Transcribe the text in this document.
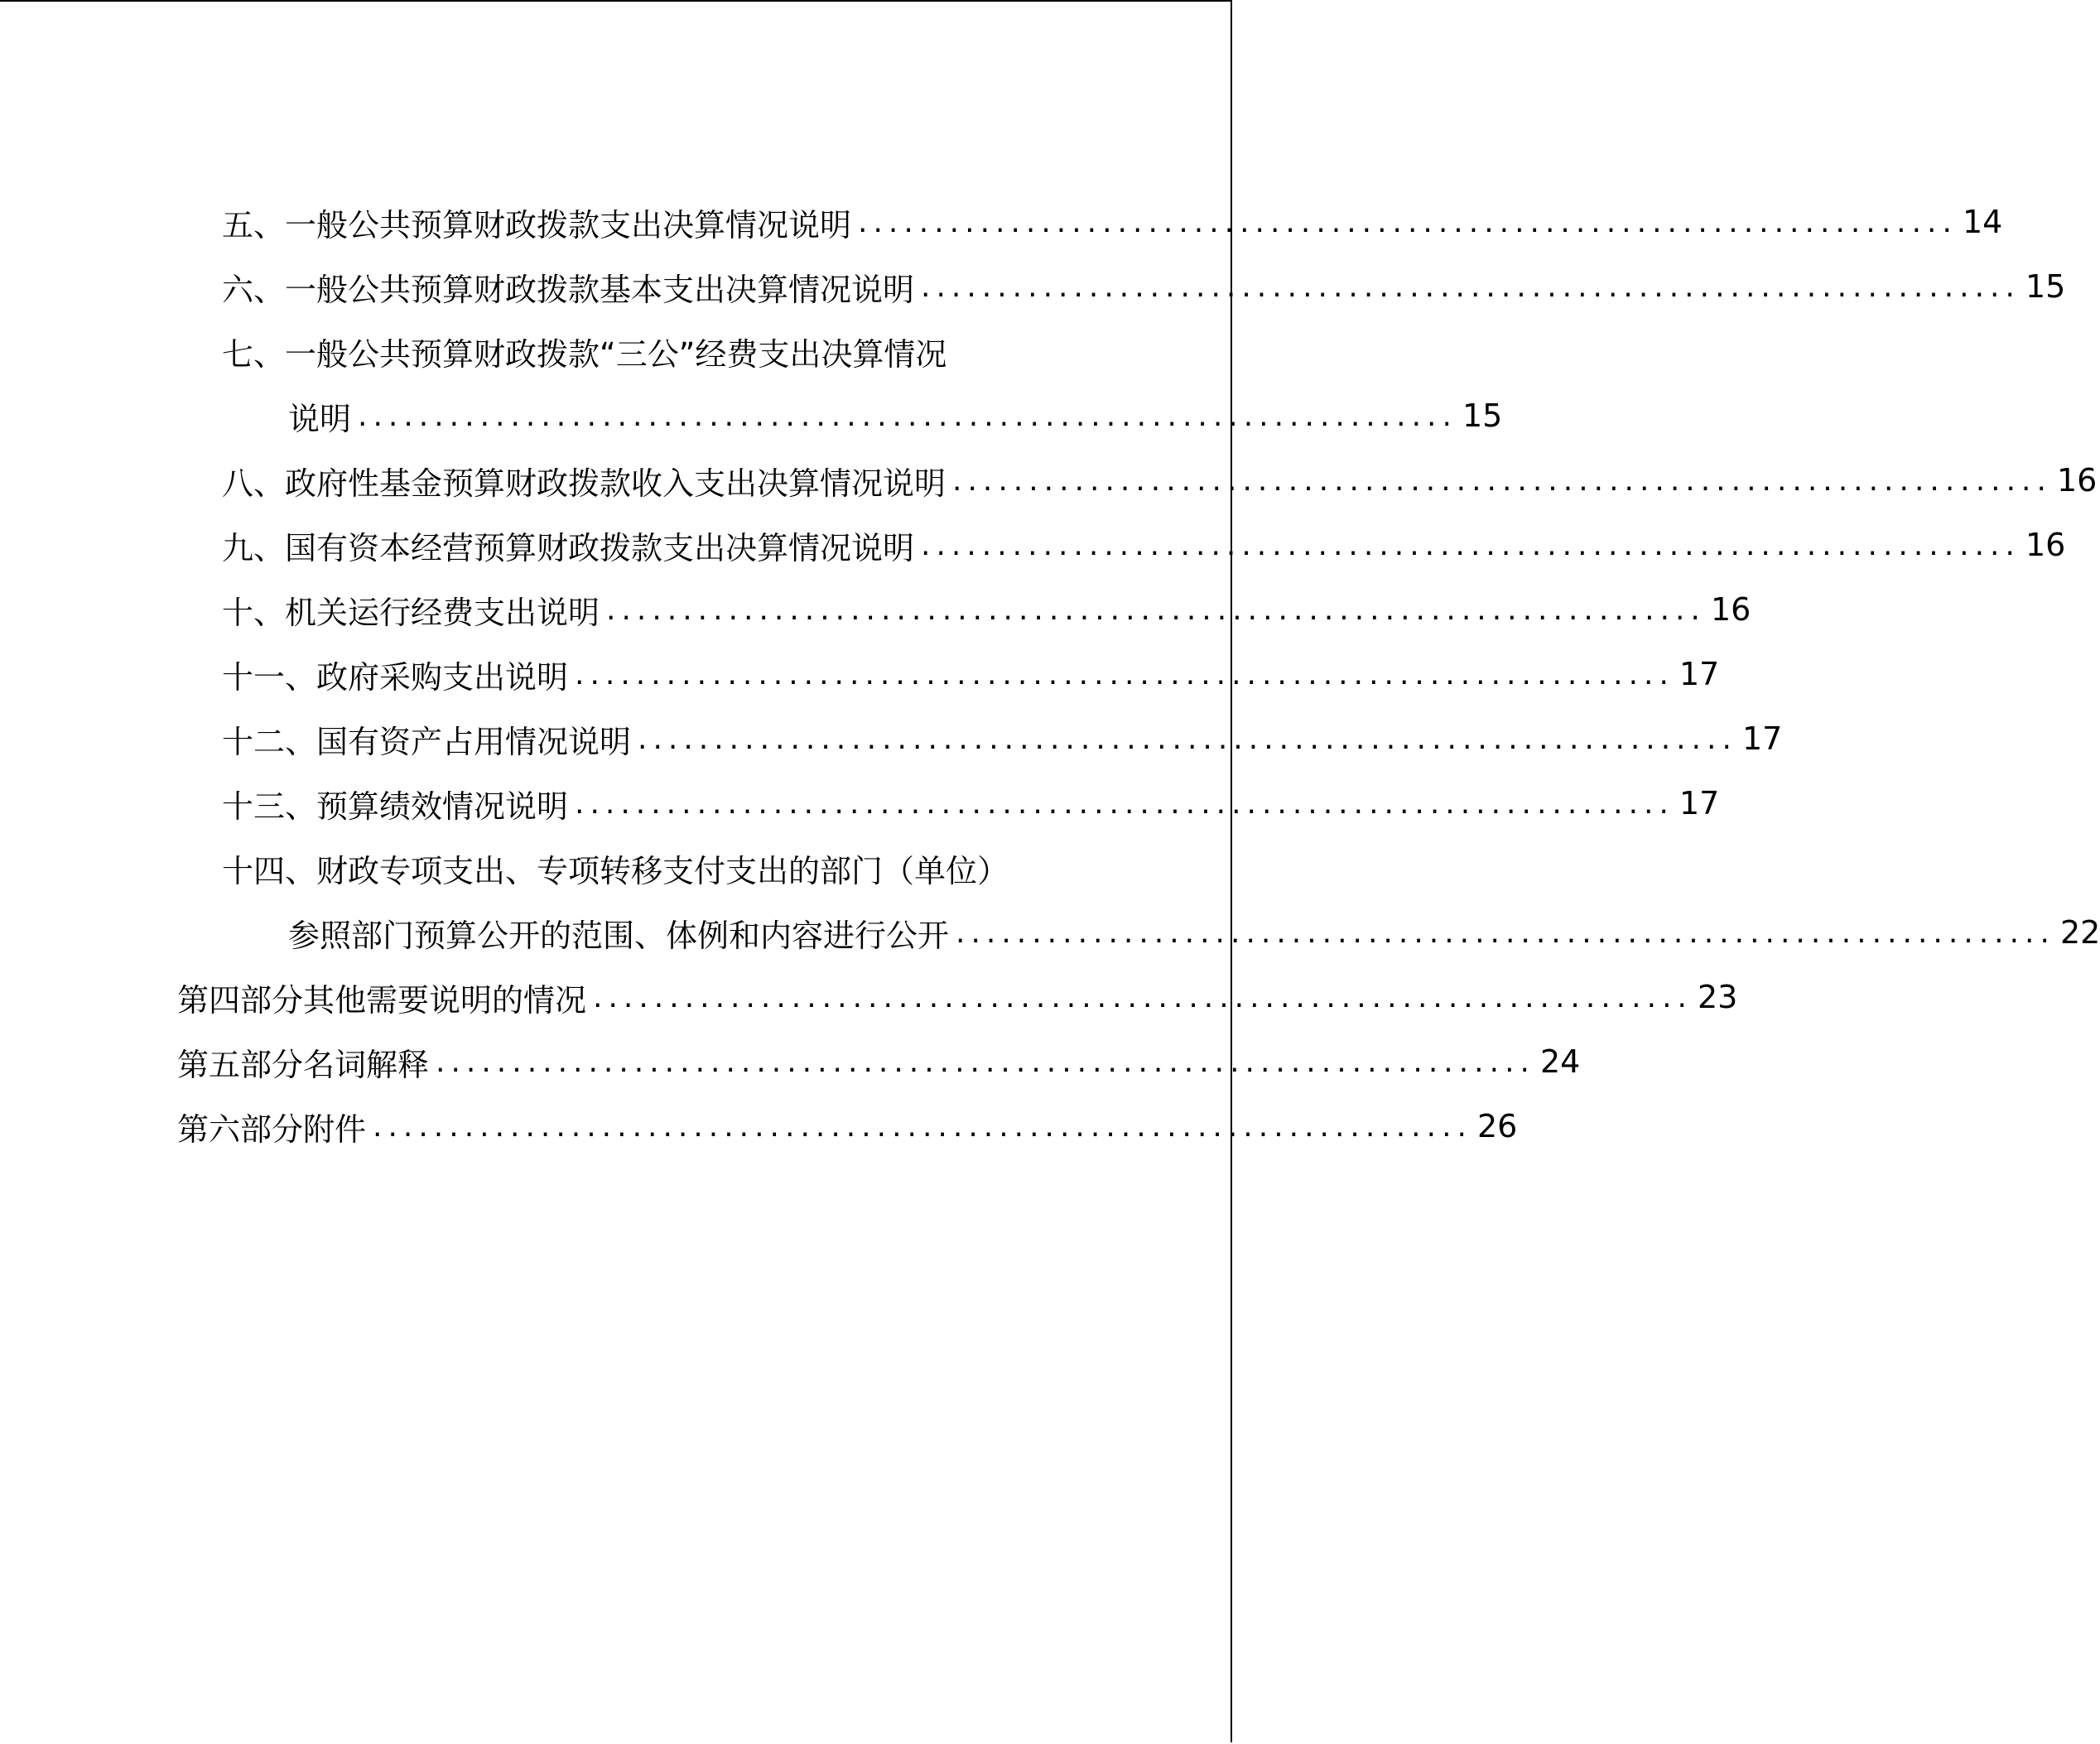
五、一般公共预算财政拨款支出决算情况说明 ........................................................................ 14
六、一般公共预算财政拨款基本支出决算情况说明 ........................................................................ 15
七、一般公共预算财政拨款“三公”经费支出决算情况
说明 ........................................................................ 15
八、政府性基金预算财政拨款收入支出决算情况说明 ........................................................................ 16
九、国有资本经营预算财政拨款支出决算情况说明 ........................................................................ 16
十、机关运行经费支出说明 ........................................................................ 16
十一、政府采购支出说明 ........................................................................ 17
十二、国有资产占用情况说明 ........................................................................ 17
十三、预算绩效情况说明 ........................................................................ 17
十四、财政专项支出、专项转移支付支出的部门（单位）
参照部门预算公开的范围、体例和内容进行公开 ........................................................................ 22
第四部分 其他需要说明的情况 ........................................................................ 23
第五部分 名词解释 ........................................................................ 24
第六部分 附件 ........................................................................ 26
